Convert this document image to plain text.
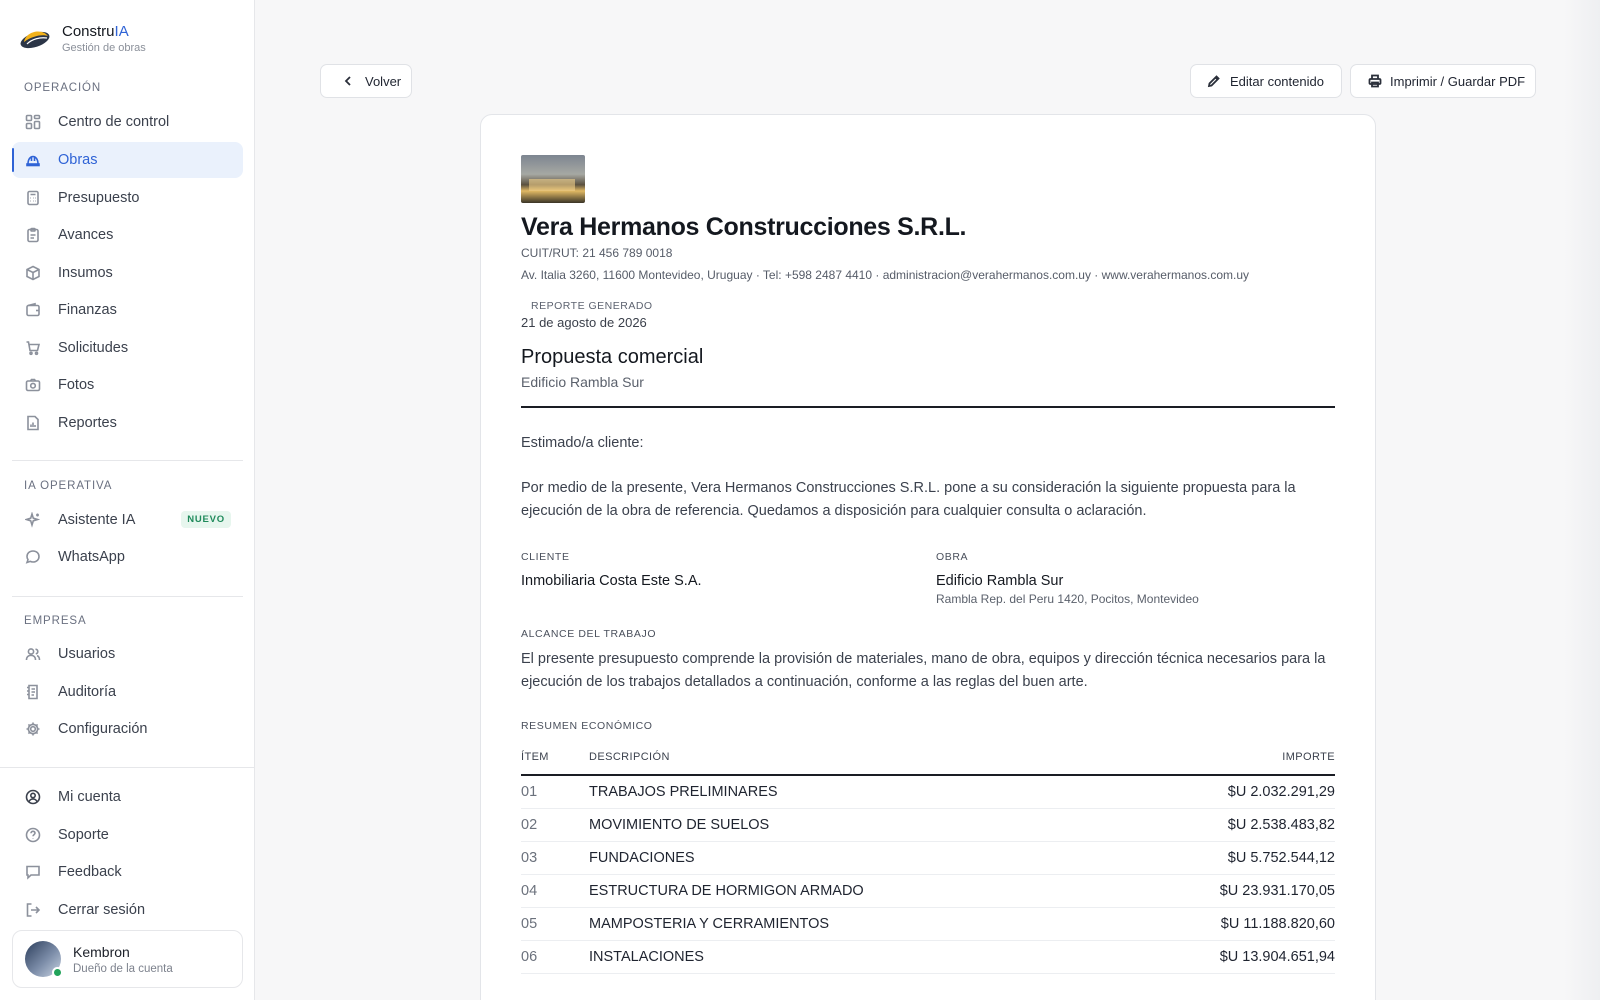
ConstruIA
Gestión de obras
OPERACIÓN
Centro de control
Obras
Presupuesto
Avances
Insumos
Finanzas
Solicitudes
Fotos
Reportes
IA OPERATIVA
Asistente IA	NUEVO
WhatsApp
EMPRESA
Usuarios
Auditoría
Configuración
Mi cuenta
Soporte
Feedback
Cerrar sesión
Kembron
Dueño de la cuenta
Volver	Editar contenido	Imprimir / Guardar PDF
Vera Hermanos Construcciones S.R.L.
CUIT/RUT: 21 456 789 0018
Av. Italia 3260, 11600 Montevideo, Uruguay · Tel: +598 2487 4410 · administracion@verahermanos.com.uy · www.verahermanos.com.uy
REPORTE GENERADO
21 de agosto de 2026
Propuesta comercial
Edificio Rambla Sur
Estimado/a cliente:
Por medio de la presente, Vera Hermanos Construcciones S.R.L. pone a su consideración la siguiente propuesta para la ejecución de la obra de referencia. Quedamos a disposición para cualquier consulta o aclaración.
CLIENTE
Inmobiliaria Costa Este S.A.
OBRA
Edificio Rambla Sur
Rambla Rep. del Peru 1420, Pocitos, Montevideo
ALCANCE DEL TRABAJO
El presente presupuesto comprende la provisión de materiales, mano de obra, equipos y dirección técnica necesarios para la ejecución de los trabajos detallados a continuación, conforme a las reglas del buen arte.
RESUMEN ECONÓMICO
ÍTEM	DESCRIPCIÓN	IMPORTE
01	TRABAJOS PRELIMINARES	$U 2.032.291,29
02	MOVIMIENTO DE SUELOS	$U 2.538.483,82
03	FUNDACIONES	$U 5.752.544,12
04	ESTRUCTURA DE HORMIGON ARMADO	$U 23.931.170,05
05	MAMPOSTERIA Y CERRAMIENTOS	$U 11.188.820,60
06	INSTALACIONES	$U 13.904.651,94
